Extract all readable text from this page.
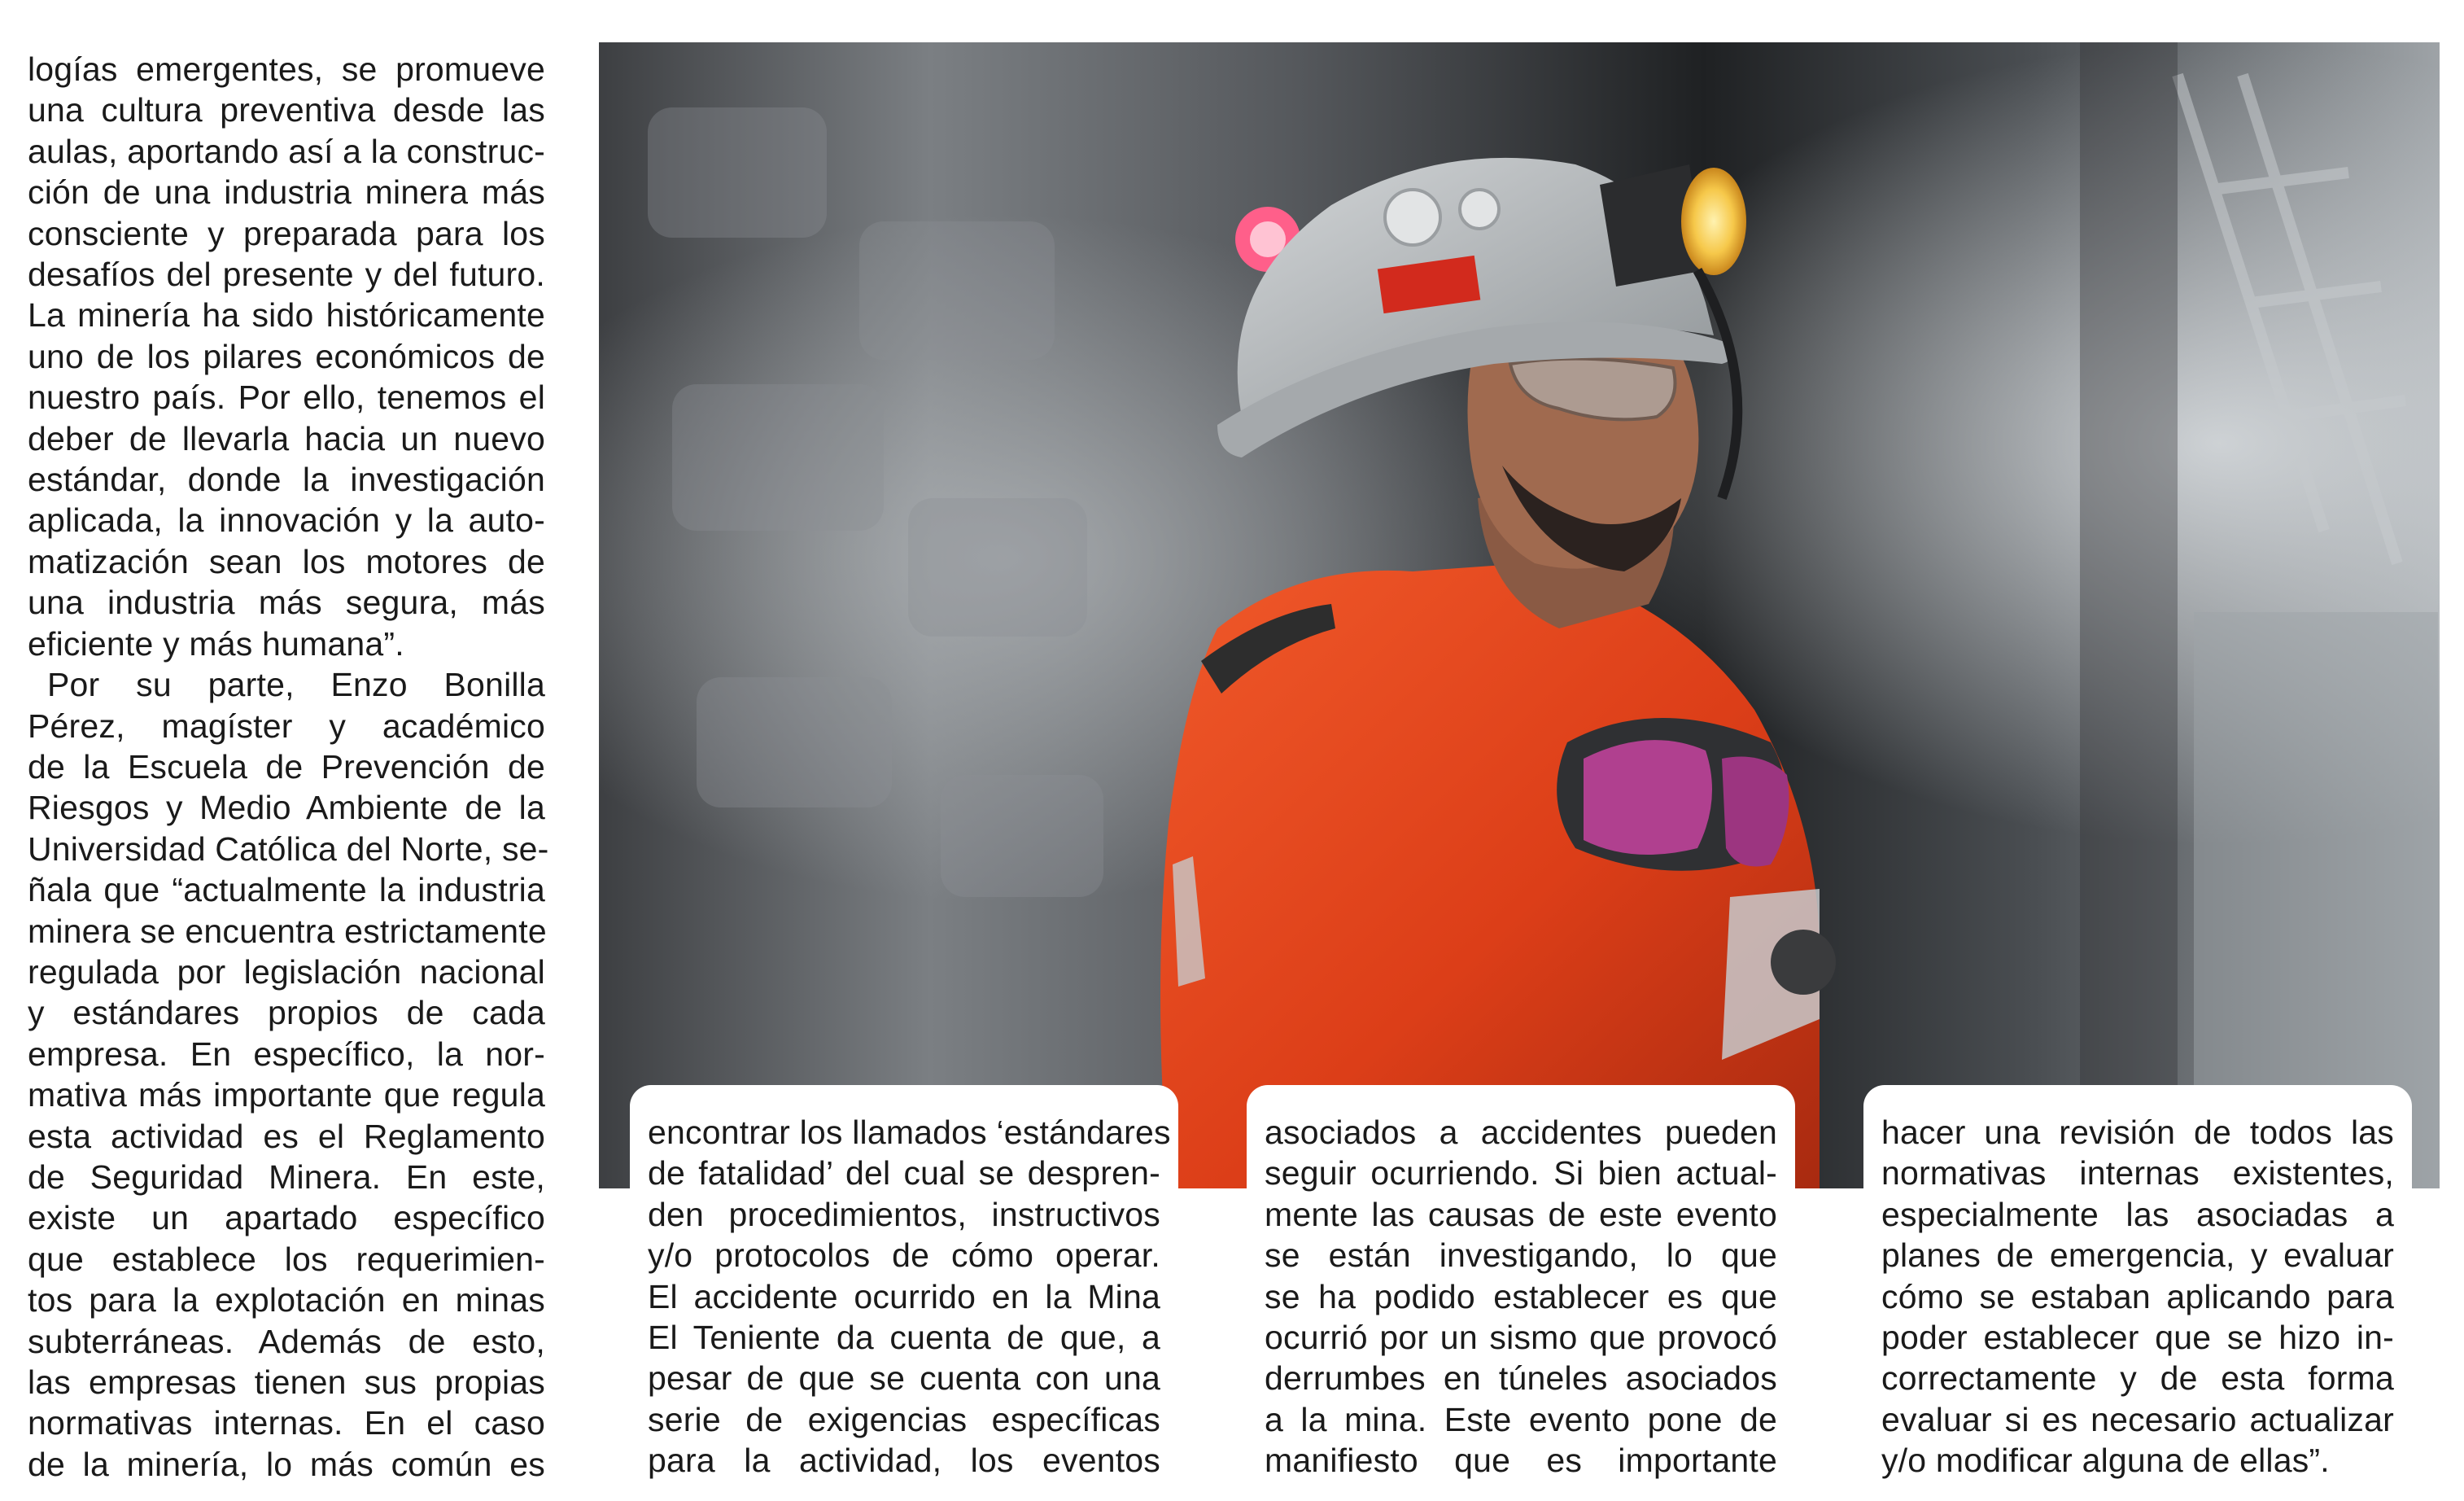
logías emergentes, se promueve
una cultura preventiva desde las
aulas, aportando así a la construc-
ción de una industria minera más
consciente y preparada para los
desafíos del presente y del futuro.
La minería ha sido históricamente
uno de los pilares económicos de
nuestro país. Por ello, tenemos el
deber de llevarla hacia un nuevo
estándar, donde la investigación
aplicada, la innovación y la auto-
matización sean los motores de
una industria más segura, más
eficiente y más humana”.
Por su parte, Enzo Bonilla
Pérez, magíster y académico
de la Escuela de Prevención de
Riesgos y Medio Ambiente de la
Universidad Católica del Norte, se-
ñala que “actualmente la industria
minera se encuentra estrictamente
regulada por legislación nacional
y estándares propios de cada
empresa. En específico, la nor-
mativa más importante que regula
esta actividad es el Reglamento
de Seguridad Minera. En este,
existe un apartado específico
que establece los requerimien-
tos para la explotación en minas
subterráneas. Además de esto,
las empresas tienen sus propias
normativas internas. En el caso
de la minería, lo más común es
encontrar los llamados ‘estándares
de fatalidad’ del cual se despren-
den procedimientos, instructivos
y/o protocolos de cómo operar.
El accidente ocurrido en la Mina
El Teniente da cuenta de que, a
pesar de que se cuenta con una
serie de exigencias específicas
para la actividad, los eventos
asociados a accidentes pueden
seguir ocurriendo. Si bien actual-
mente las causas de este evento
se están investigando, lo que
se ha podido establecer es que
ocurrió por un sismo que provocó
derrumbes en túneles asociados
a la mina. Este evento pone de
manifiesto que es importante
hacer una revisión de todos las
normativas internas existentes,
especialmente las asociadas a
planes de emergencia, y evaluar
cómo se estaban aplicando para
poder establecer que se hizo in-
correctamente y de esta forma
evaluar si es necesario actualizar
y/o modificar alguna de ellas”.
